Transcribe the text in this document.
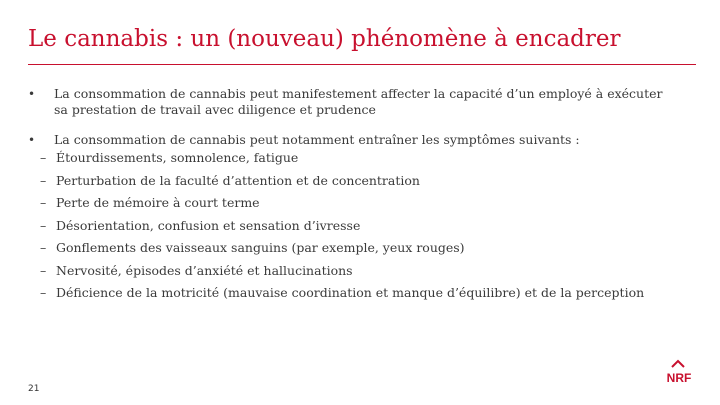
Le cannabis : un (nouveau) phénomène à encadrer
• La consommation de cannabis peut manifestement affecter la capacité d’un employé à exécuter sa prestation de travail avec diligence et prudence
• La consommation de cannabis peut notamment entraîner les symptômes suivants :
– Étourdissements, somnolence, fatigue
– Perturbation de la faculté d’attention et de concentration
– Perte de mémoire à court terme
– Désorientation, confusion et sensation d’ivresse
– Gonflements des vaisseaux sanguins (par exemple, yeux rouges)
– Nervosité, épisodes d’anxiété et hallucinations
– Déficience de la motricité (mauvaise coordination et manque d’équilibre) et de la perception
21
NRF
